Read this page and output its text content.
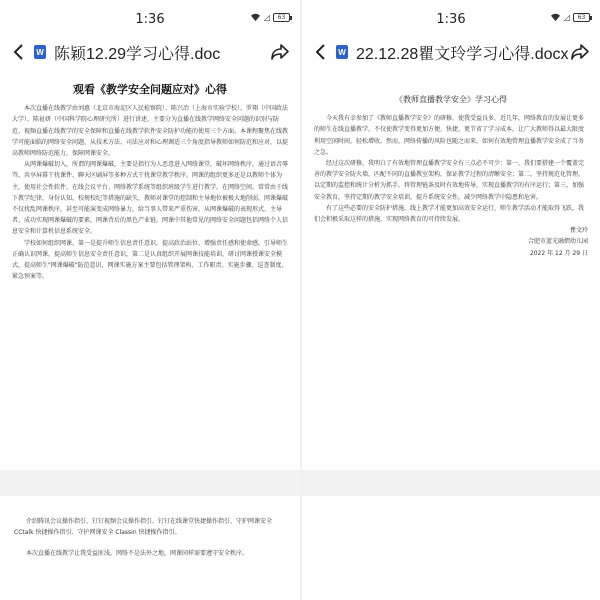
1:36	◿	63
W 陈颖12.29学习心得.doc
观看《教学安全问题应对》心得

本次直播在线教学由刘惠（北京市海淀区人民检察院）、陈兴冶（上海市实验学校）、罗翔（中国政法大学），陈祉妍（中国科学院心理研究所）进行讲述，主要分为直播在线教学网络安全问题的识别与防范、视频直播在线教学的安全保障和直播在线教学软件安全防护功能的使用三个方面。本课程聚焦在线教学可能面临的网络安全问题，从技术方法、司法应对和心理调适三个角度指导教师如何防范和应对，以提高教师网络防范能力，保障网课安全。

从网课爆破切入，所谓的网课爆破，主要是指行为人恶意进入网络课堂，破坏网络秩序，通过语音辱骂、共享屏幕干扰课件、聊天区刷屏等多种方式干扰课堂教学秩序。网课的组织更多还是以教师个体为主，使用社会性软件、在线会议平台、网络教学系统等组织班级学生进行教学。在网络空间，常常由于线下教学纪律，身份认知，校规校纪等措施的缺失，教师对课堂的控制和主导地位被极大地削弱，网课爆破不仅扰乱网课秩序，甚至可能演变成网络暴力，给当事人带来严重伤害。从网课爆破的表现形式、主导者、成功实现网课爆破的要素，网课背后的黑色产业链，网课中其他常见的网络安全问题包括网络个人信息安全和计算机信息系统安全。

学校如何组织网课，第一是提升师生信息责任意识，提高政治站位，增强责任感和使命感，引导师生正确认识网课，提高师生信息安全责任意识，第二是认真组织开展网课技能培训，研讨网课授课安全模式，提高师生"网课爆破"防范意识，网课实施方案主要包括管理架构、工作职责、实施步骤、巡查制度、紧急预案等。

介绍腾讯会议操作指引、钉钉视频会议操作指引、钉钉在线课堂快捷操作指引、守护网课安全 CCtalk 快捷操作指引、守护网课安全 Classin 快捷操作指引。

本次直播在线教学让我受益匪浅，网络不是法外之地，网课同样需要遵守安全秩序。

1:36	◿	63
W 22.12.28瞿文玲学习心得.docx
《教师直播教学安全》学习心得

今天我有幸参加了《教师直播教学安全》的研修，使我受益良多，近几年，网络教育的发展让更多的师生在线直播教学，不仅使教学变得更加方便、快捷，更节省了学习成本，让广大教师得以最大限度利用空闲时间，轻松增收。然而，网络传播的风险也随之而来，如何有效地管理直播教学安全成了当务之急。

经过这次研修，我明白了有效地管理直播教学安全有三点必不可少：第一，我们要搭建一个覆盖完善的教学安全防火墙，匹配不同的直播教室架构，保证教学过程的清晰安全；第二，坚持规范化管理，以定期的监控和统计分析为抓手，将管理链条及时有效地传导，实现直播教学的有序运行；第三，加强安全教育，坚持定期的教学安全培训，提升系统安全性，减少网络教学中隐患和危害。

有了这些必要的安全防护措施，线上教学才能更加高效安全运行，师生教学活动才能取得飞跃，我们会积极采取这样的措施，实现网络教育的可持续发展。

瞿文玲

合肥市蓝光融熠幼儿园

2022 年 12 月 29 日
